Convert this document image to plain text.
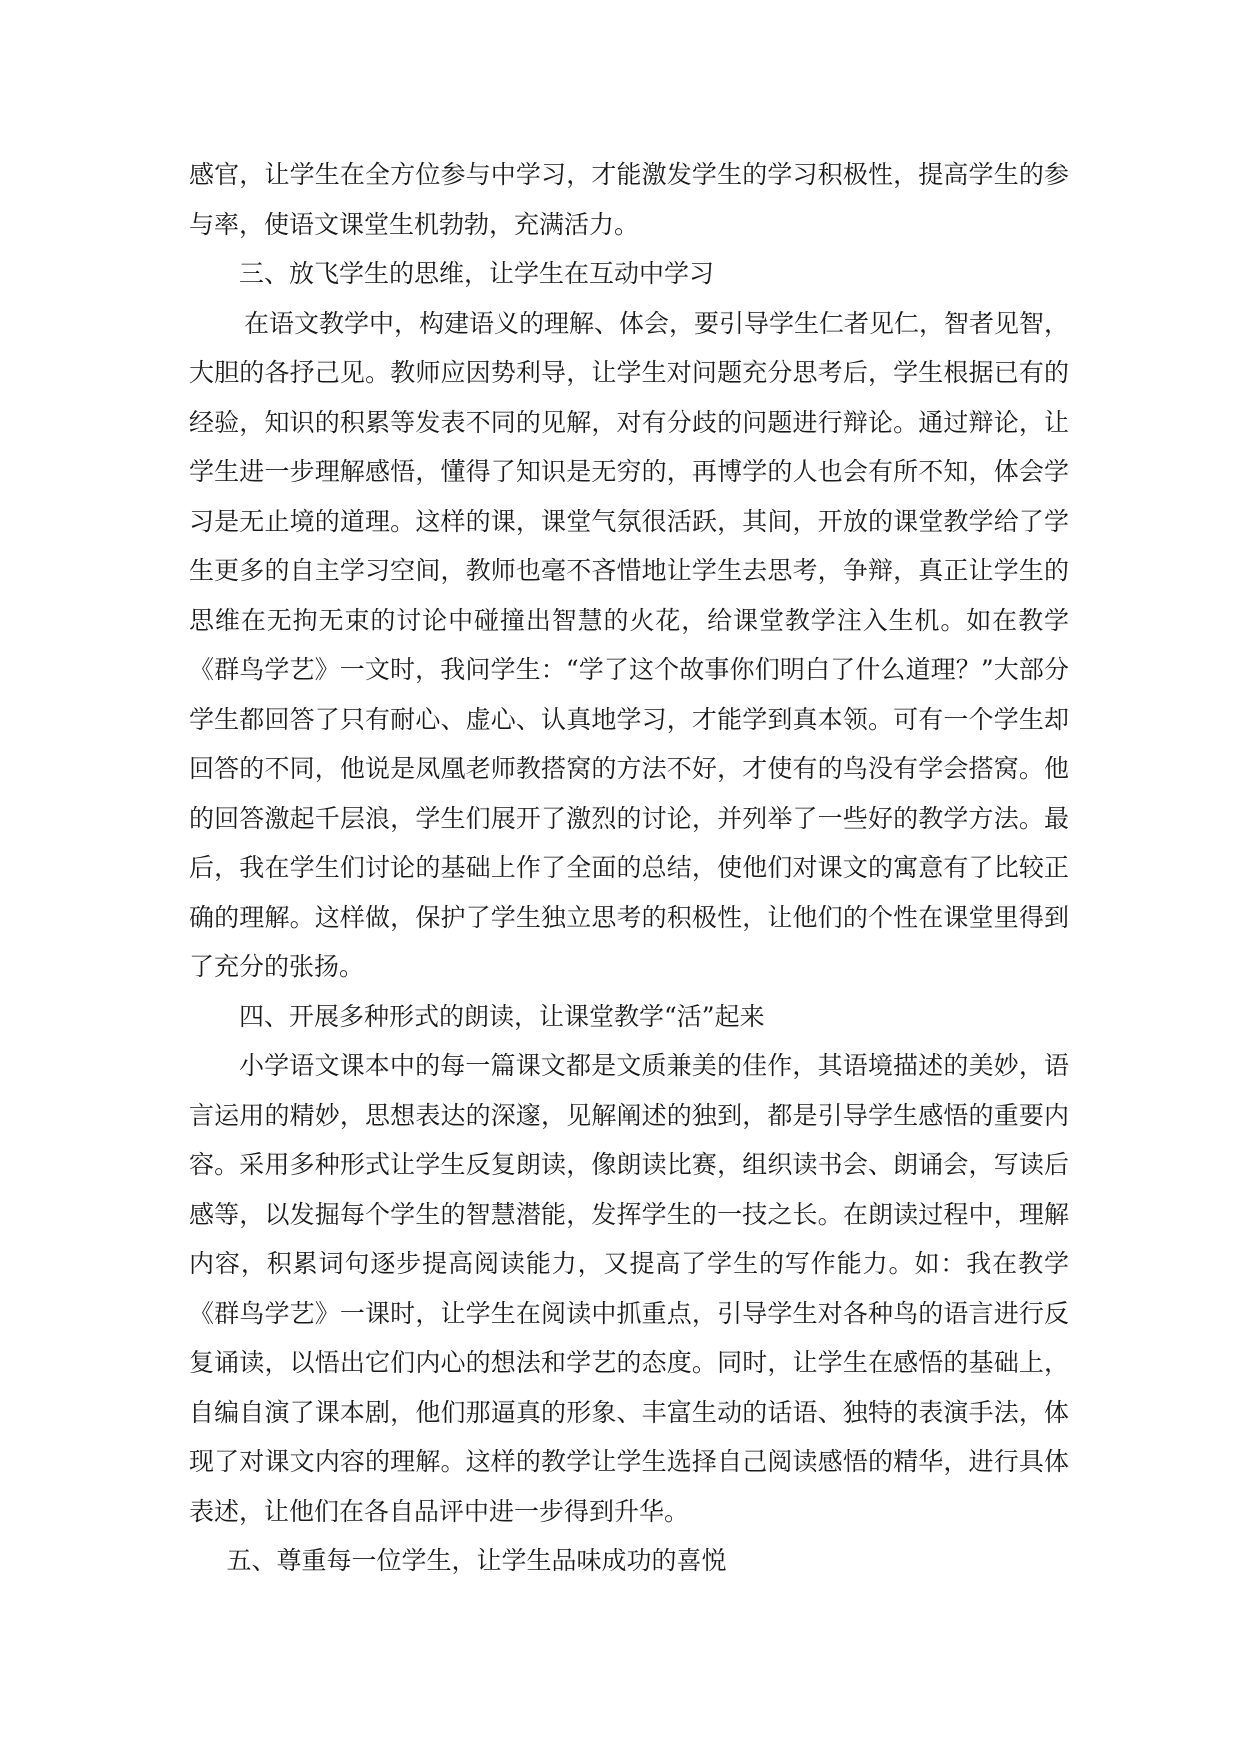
感官，让学生在全方位参与中学习，才能激发学生的学习积极性，提高学生的参与率，使语文课堂生机勃勃，充满活力。

三、放飞学生的思维，让学生在互动中学习

在语文教学中，构建语义的理解、体会，要引导学生仁者见仁，智者见智，大胆的各抒己见。教师应因势利导，让学生对问题充分思考后，学生根据已有的经验，知识的积累等发表不同的见解，对有分歧的问题进行辩论。通过辩论，让学生进一步理解感悟，懂得了知识是无穷的，再博学的人也会有所不知，体会学习是无止境的道理。这样的课，课堂气氛很活跃，其间，开放的课堂教学给了学生更多的自主学习空间，教师也毫不吝惜地让学生去思考，争辩，真正让学生的思维在无拘无束的讨论中碰撞出智慧的火花，给课堂教学注入生机。如在教学《群鸟学艺》一文时，我问学生：“学了这个故事你们明白了什么道理？”大部分学生都回答了只有耐心、虚心、认真地学习，才能学到真本领。可有一个学生却回答的不同，他说是凤凰老师教搭窝的方法不好，才使有的鸟没有学会搭窝。他的回答激起千层浪，学生们展开了激烈的讨论，并列举了一些好的教学方法。最后，我在学生们讨论的基础上作了全面的总结，使他们对课文的寓意有了比较正确的理解。这样做，保护了学生独立思考的积极性，让他们的个性在课堂里得到了充分的张扬。

四、开展多种形式的朗读，让课堂教学“活”起来

小学语文课本中的每一篇课文都是文质兼美的佳作，其语境描述的美妙，语言运用的精妙，思想表达的深邃，见解阐述的独到，都是引导学生感悟的重要内容。采用多种形式让学生反复朗读，像朗读比赛，组织读书会、朗诵会，写读后感等，以发掘每个学生的智慧潜能，发挥学生的一技之长。在朗读过程中，理解内容，积累词句逐步提高阅读能力，又提高了学生的写作能力。如：我在教学《群鸟学艺》一课时，让学生在阅读中抓重点，引导学生对各种鸟的语言进行反复诵读，以悟出它们内心的想法和学艺的态度。同时，让学生在感悟的基础上，自编自演了课本剧，他们那逼真的形象、丰富生动的话语、独特的表演手法，体现了对课文内容的理解。这样的教学让学生选择自己阅读感悟的精华，进行具体表述，让他们在各自品评中进一步得到升华。

五、尊重每一位学生，让学生品味成功的喜悦
